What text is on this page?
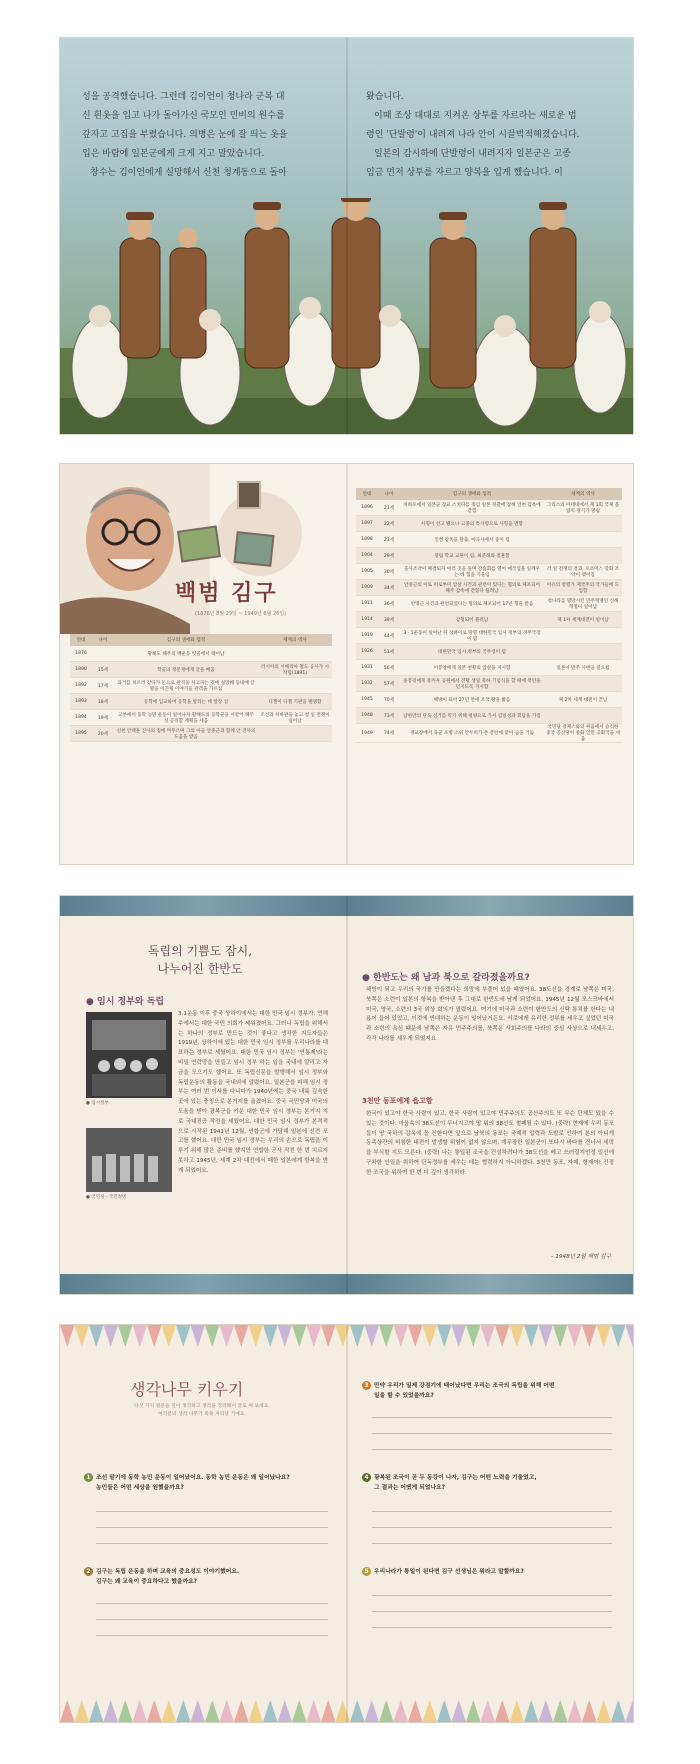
성을 공격했습니다. 그런데 김이언이 청나라 군복 대
신 흰옷을 입고 나가 돌아가신 국모인 민비의 원수를
갚자고 고집을 부렸습니다. 의병은 눈에 잘 띄는 옷을
입은 바람에 일본군에게 크게 지고 말았습니다.
창수는 김이언에게 실망해서 신천 청계동으로 돌아
왔습니다.
이때 조상 대대로 지켜온 상투를 자르라는 새로운 법
령인 '단발령'이 내려져 나라 안이 시끌벅적해졌습니다.
일본의 감시하에 단발령이 내려지자 일본군은 고종
임금 먼저 상투를 자르고 양복을 입게 했습니다. 이
백범 김구
(1876년 8월 29일 ~ 1949년 6월 26일)
연대	나이	김구의 생애와 업적	세계의 역사
1876		황해도 해주의 백운동 텃골에서 태어남	
1890	15세	학골의 정문재에게 글을 배움	러시아의 시베리아 철도 공사가 시작됨(1891)
1892	17세	과거를 치르러 갔다가 돈으로 관직을 사고파는 것에 실망해 동네에 글방을 이끈채 이야기들 관객을 가르침	
1893	18세	동학에 입교하여 동학을 알리는 데 앞장 섬	디젤이 디젤 기관을 발명함
1894	19세	고부에서 동학 농민 운동이 일어나자 황해도의 동학군을 이끌어 해주성 공격할 계획을 세움	조선과 치바관을 놓고 청 일 전쟁이 일어남
1895	20세	신천 안태훈 진사의 집에 머무르며 그의 아들 안중근과 함께 안 진사의 도움을 받음	
연대	나이	김구의 생애와 업적	세계의 역사
1896	21세	치하포에서 일본군 장교 스치다를 죽임 일본 경찰에 잡혀 인천 감옥에 갇힘	그리스의 아테네에서 제 1회 국제 올림픽 경기가 열림
1897	22세	사형이 선고 됐으나 고종의 특사령으로 사형을 면함	
1898	23세	인천 감옥을 탈출, 마곡사에서 중이 됨	
1904	29세	광림 학교 교원이 됨, 최준례와 결혼함	
1905	30세	을사조약이 체결되자 여러 곳을 돌며 강습회를 열어 애국심을 일깨우는 데 힘을 기울임	러 일 전쟁의 결과, 포츠머스 강화 조약이 맺어짐
1909	34세	안중근의 이토 히로부미 암살 사건과 관련이 있다는 혐의로 체포되어 해주 감옥에 갇혔다 풀려남	이유의 항렬가 제국주의 국가들에 도입함
1911	36세	안명근 사건과 관련되었다는 혐의로 체포되어 17년 형을 받음	청나라를 멸망시킨 민주혁명인 신해혁명이 일어남
1914	39세	감형되어 풀려남	제 1차 세계대전이 일어남
1919	44세	3 · 1운동이 일어난 뒤 상하이로 망명 대한민국 임시 정부의 경무국장이 됨	
1926	51세	대한민국 임시 정부의 국무령이 됨	
1931	56세	이봉창에게 일본 천황의 암살을 지시함	일본이 만주 사변을 일으킴
1932	57세	윤봉길에게 흥커우 공원에서 전황 생일 축하 기념식을 할 때에 폭탄을 던지도록 지시함	
1945	70세	해방이 되어 27년 만에 조국 땅을 밟음	제 2차 세계 대전이 끝남
1948	73세	남한만의 단독 선거를 막기 위해 평양으로 가서 김일성과 회담을 가짐	
1949	74세	경교장에서 육군 포병 소위 안두희가 쏜 총탄에 맞아 숨을 거둠	국민당 장제스와의 싸움에서 승리한 중국 공산당이 중화 인민 공화국을 세움
독립의 기쁨도 잠시,
나누어진 한반도
● 임시 정부와 독립
● 임시정부
● 국민정 - 국민정병

3.1운동 이후 중국 상하이에서는 대한 민국 임시 정부가, 연해주에서는 대한 국민 의회가 세워졌어요. 그러나 독립을 위해서는 하나의 정부로 만드는 것이 좋다고 생각한 지도자들은 1919년, 상하이에 있는 대한 민국 임시 정부를 우리나라를 대표하는 정부로 세웠어요. 대한 민국 임시 정부는 '연통제'라는 비밀 연락망을 만들고 임시 정부 하는 일을 국내에 알리고 자금을 모으기도 했어요. 또 독립신문을 발행해서 임시 정부와 독립운동의 활동을 국내외에 알렸어요. 일본군을 피해 임시 정부는 여러 번 이사를 다니다가 1940년에는 중국 내륙 깊숙한 곳에 있는 충칭으로 본거지를 옮겼어요. 중국 국민당과 미국의 도움을 받아 광복군을 키운 대한 민국 임시 정부는 본거지 지로 국내진공 작전을 세웠어요. 대한 민국 임시 정부가 본격적으로 시작된 1941년 12월, 연합군에 가담해 일본에 선전 포고를 했어요. 대한 민국 임시 정부는 우리의 손으로 독립을 이루기 위해 많은 준비를 했지만 연합한 군사 작전 한 번 치르지 못하고 1945년, 세계 2차 대전에서 패한 일본에게 항복을 받게 되었어요.

● 한반도는 왜 남과 북으로 갈라졌을까요?

해방이 되고 우리의 국가를 만들겠다는 희망에 부풀어 있을 때였어요. 38도선을 경계로 남쪽은 미국, 북쪽은 소련이 일본의 항복을 받아낸 후 그대로 한반도에 남게 되었어요. 1945년 12월 모스크바에서 미국, 영국, 소련의 3국 외상 회의가 열렸어요. 여기에 미국과 소련이 한반도의 신탁 통치를 한다는 내용이 들어 있었고, 이것에 반대하는 운동이 일어났거든요. 서로에게 유리한 정부를 세우고 싶었던 미국과 소련의 욕심 때문에 남쪽은 자유 민주주의를, 북쪽은 사회주의를 나라의 중심 사상으로 내세우고, 각각 나라를 세우게 되었지요.

3천만 동포에게 읍고함

한국이 있고야 한국 사람이 있고, 한국 사람이 있고야 민주주의도 공산주의도 또 무슨 단체도 있을 수 있는 것이다. 마음속의 38도선이 무너지고야 땅 위의 38선도 철폐될 수 있다. (중략) 현재에 우리 동포들이 땅 국하의 감옥에 돌 진한다면 앞으로 남북의 동포는 국제적 압력과 도발로 인하여 본의 아니게 동족상잔의 비참한 내전이 발생할 위험이 없지 않으며, 재무장한 일본군이 또다시 바다를 건너서 세력을 부식할 지도 모른다. (중략) 나는 통일된 조국을 건설하려다가 38도선을 베고 쓰러질지언정 일신에 구차한 안일을 취하여 단독정부를 세우는 데는 협력하지 아니하겠다. 3천만 동포, 자매, 형제여! 진정한 조국을 위하여 한 번 더 깊이 생각하라.

– 1948년 2월 백범 김구
생각나무 키우기
다섯 가지 질문을 깊이 생각하고 생각을 정리해서 글로 써 보세요.
여러분의 생각 나무가 쑥쑥 자라날 거예요.
1 조선 말기에 동학 농민 운동이 일어났어요. 동학 농민 운동은 왜 일어났나요?
농민들은 어떤 세상을 원했을까요?
2 김구는 독립 운동을 하며 교육의 중요성도 이야기했어요.
김구는 왜 교육이 중요하다고 했을까요?
3 만약 우리가 일제 강점기에 태어났다면 우리는 조국의 독립을 위해 어떤
일을 할 수 있었을까요?
4 광복된 조국이 곧 두 동강이 나자, 김구는 어떤 노력을 기울였고,
그 결과는 어땠게 되었나요?
5 우리나라가 통일이 된다면 김구 선생님은 뭐라고 말할까요?
